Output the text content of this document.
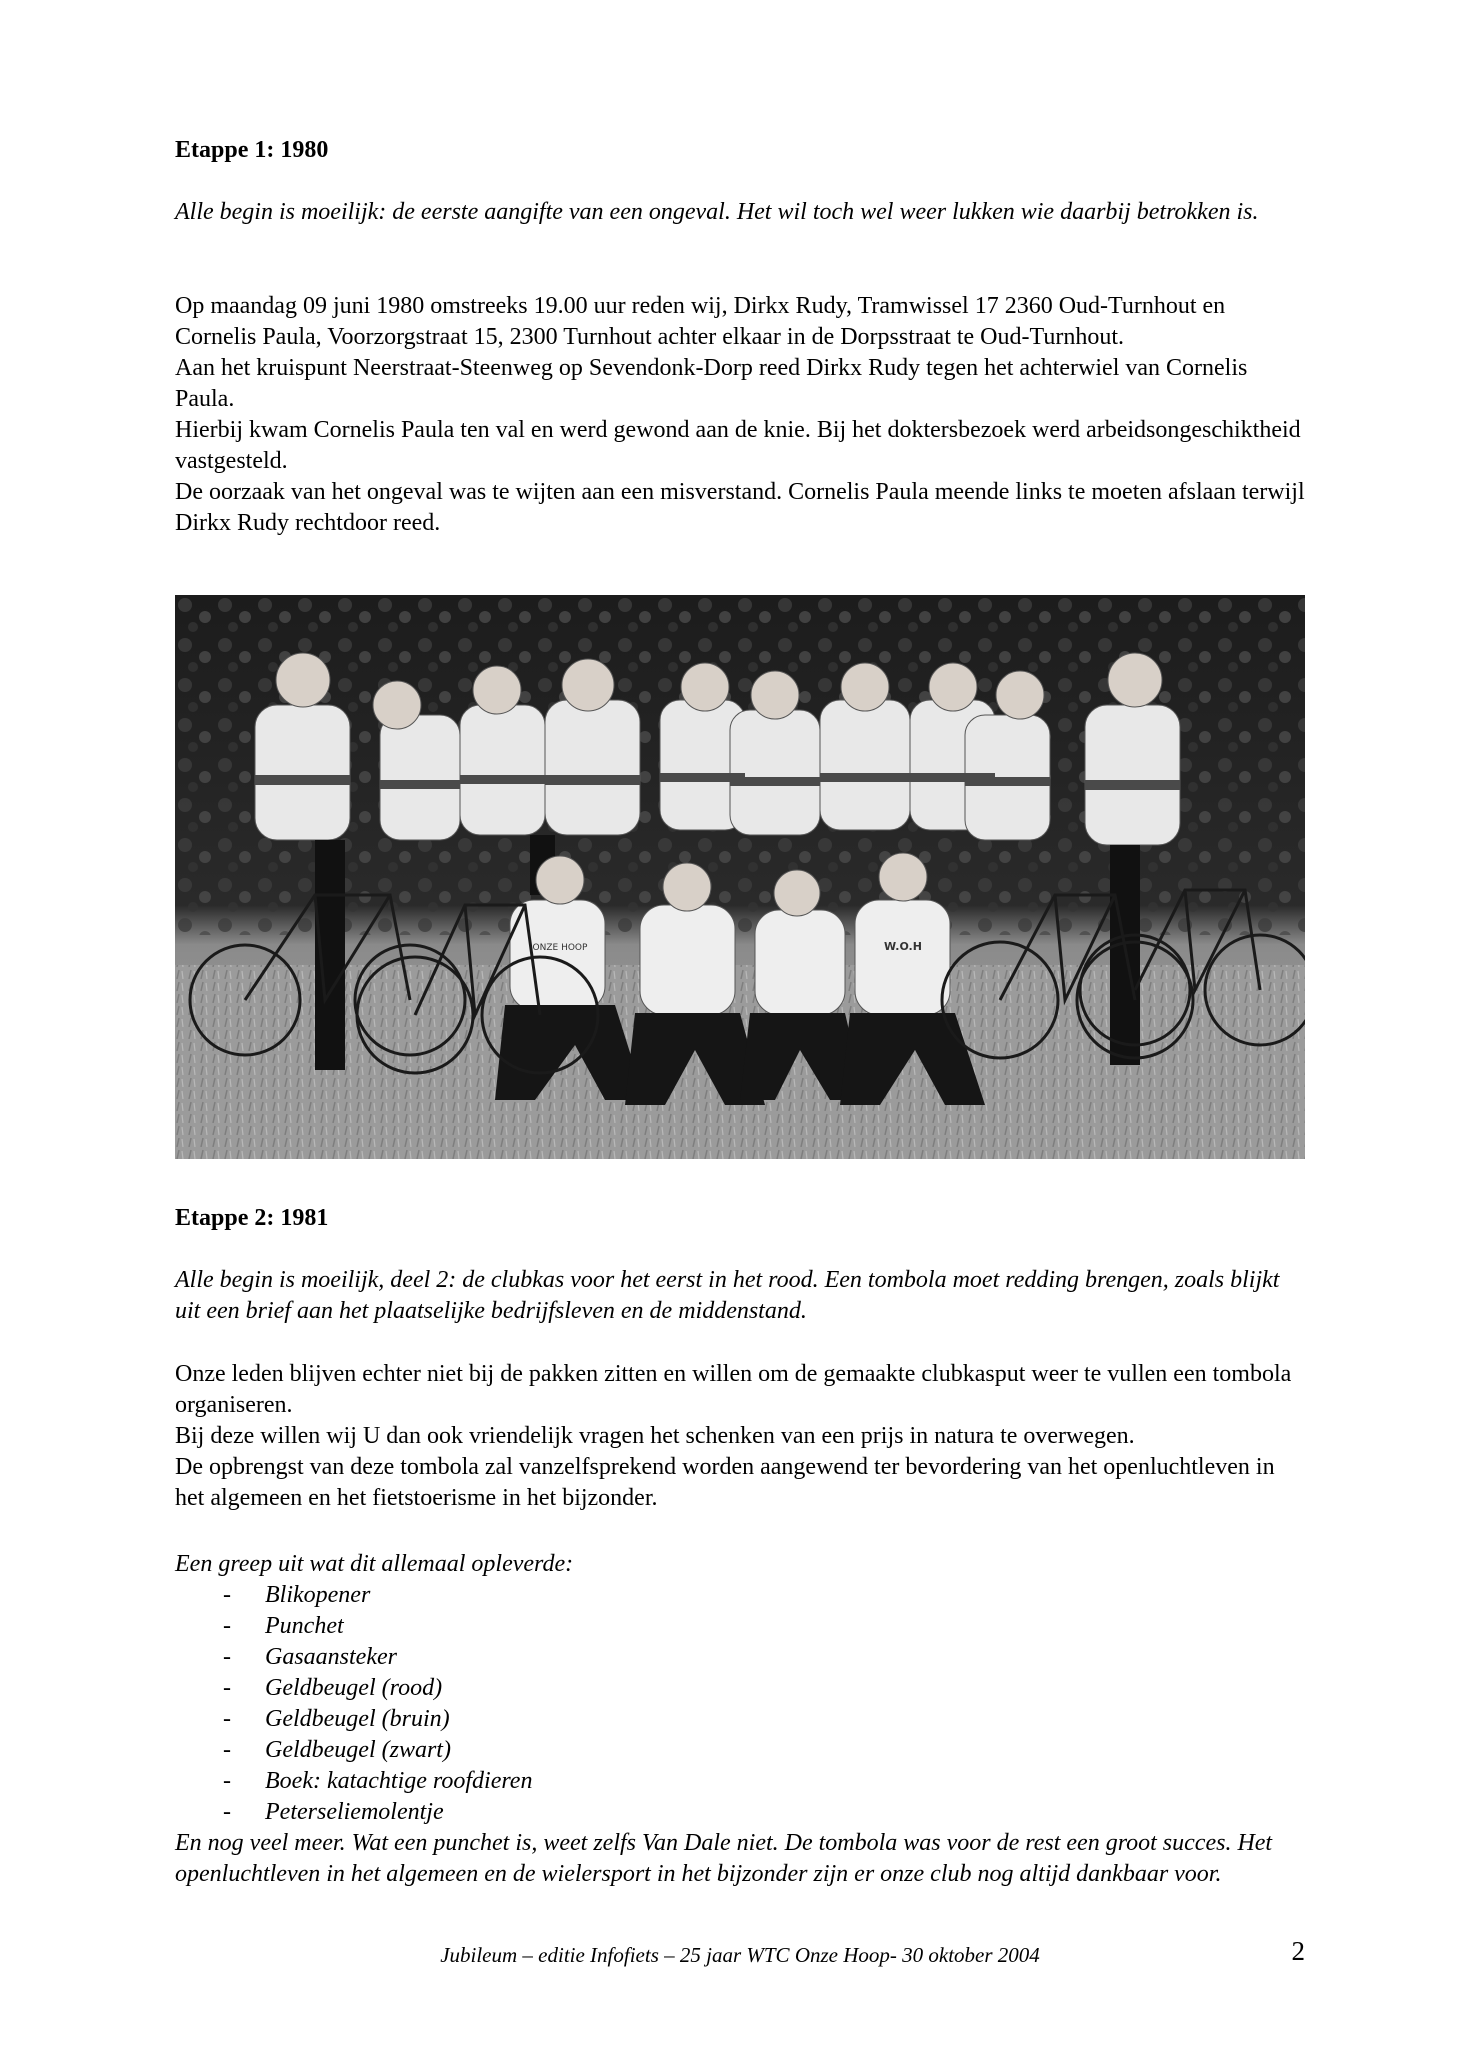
Etappe 1: 1980
Alle begin is moeilijk: de eerste aangifte van een ongeval. Het wil toch wel weer lukken wie daarbij betrokken is.

Op maandag 09 juni 1980 omstreeks 19.00 uur reden wij, Dirkx Rudy, Tramwissel 17 2360 Oud-Turnhout en Cornelis Paula, Voorzorgstraat 15, 2300 Turnhout achter elkaar in de Dorpsstraat te Oud-Turnhout.

Aan het kruispunt Neerstraat-Steenweg op Sevendonk-Dorp reed Dirkx Rudy tegen het achterwiel van Cornelis Paula.

Hierbij kwam Cornelis Paula ten val en werd gewond aan de knie. Bij het doktersbezoek werd arbeidsongeschiktheid vastgesteld.

De oorzaak van het ongeval was te wijten aan een misverstand. Cornelis Paula meende links te moeten afslaan terwijl Dirkx Rudy rechtdoor reed.

ONZE HOOP	W.O.H
Etappe 2: 1981
Alle begin is moeilijk, deel 2: de clubkas voor het eerst in het rood. Een tombola moet redding brengen, zoals blijkt uit een brief aan het plaatselijke bedrijfsleven en de middenstand.

Onze leden blijven echter niet bij de pakken zitten en willen om de gemaakte clubkasput weer te vullen een tombola organiseren.

Bij deze willen wij U dan ook vriendelijk vragen het schenken van een prijs in natura te overwegen.

De opbrengst van deze tombola zal vanzelfsprekend worden aangewend ter bevordering van het openluchtleven in het algemeen en het fietstoerisme in het bijzonder.

Een greep uit wat dit allemaal opleverde:

- Blikopener
- Punchet
- Gasaansteker
- Geldbeugel (rood)
- Geldbeugel (bruin)
- Geldbeugel (zwart)
- Boek: katachtige roofdieren
- Peterseliemolentje

En nog veel meer. Wat een punchet is, weet zelfs Van Dale niet. De tombola was voor de rest een groot succes. Het openluchtleven in het algemeen en de wielersport in het bijzonder zijn er onze club nog altijd dankbaar voor.

Jubileum – editie Infofiets – 25 jaar WTC Onze Hoop- 30 oktober 2004	2
